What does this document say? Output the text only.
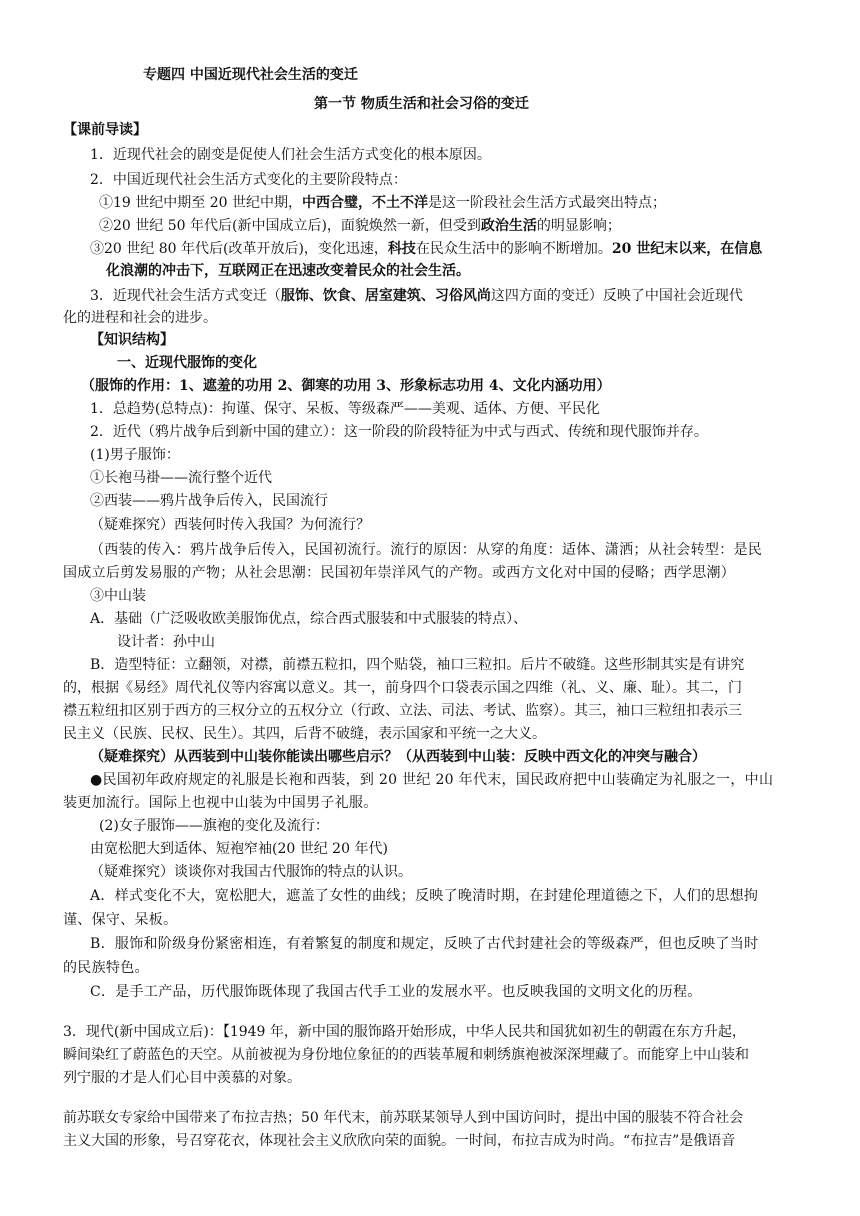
专题四 中国近现代社会生活的变迁
第一节 物质生活和社会习俗的变迁
【课前导读】
1．近现代社会的剧变是促使人们社会生活方式变化的根本原因。
2．中国近现代社会生活方式变化的主要阶段特点：
①19 世纪中期至 20 世纪中期，中西合璧，不土不洋是这一阶段社会生活方式最突出特点；
②20 世纪 50 年代后(新中国成立后)，面貌焕然一新，但受到政治生活的明显影响；
③20 世纪 80 年代后(改革开放后)，变化迅速，科技在民众生活中的影响不断增加。20 世纪末以来，在信息
化浪潮的冲击下，互联网正在迅速改变着民众的社会生活。
3．近现代社会生活方式变迁（服饰、饮食、居室建筑、习俗风尚这四方面的变迁）反映了中国社会近现代
化的进程和社会的进步。
【知识结构】
一、近现代服饰的变化
（服饰的作用：1、遮羞的功用 2、御寒的功用 3、形象标志功用 4、文化内涵功用）
1．总趋势(总特点)：拘谨、保守、呆板、等级森严——美观、适体、方便、平民化
2．近代（鸦片战争后到新中国的建立）：这一阶段的阶段特征为中式与西式、传统和现代服饰并存。
(1)男子服饰：
①长袍马褂——流行整个近代
②西装——鸦片战争后传入，民国流行
（疑难探究）西装何时传入我国？为何流行？
（西装的传入：鸦片战争后传入，民国初流行。流行的原因：从穿的角度：适体、潇洒；从社会转型：是民
国成立后剪发易服的产物；从社会思潮：民国初年崇洋风气的产物。或西方文化对中国的侵略；西学思潮）
③中山装
A．基础（广泛吸收欧美服饰优点，综合西式服装和中式服装的特点）、
设计者：孙中山
B．造型特征：立翻领，对襟，前襟五粒扣，四个贴袋，袖口三粒扣。后片不破缝。这些形制其实是有讲究
的，根据《易经》周代礼仪等内容寓以意义。其一，前身四个口袋表示国之四维（礼、义、廉、耻）。其二，门
襟五粒纽扣区别于西方的三权分立的五权分立（行政、立法、司法、考试、监察）。其三，袖口三粒纽扣表示三
民主义（民族、民权、民生）。其四，后背不破缝，表示国家和平统一之大义。
（疑难探究）从西装到中山装你能读出哪些启示？（从西装到中山装：反映中西文化的冲突与融合）
●民国初年政府规定的礼服是长袍和西装，到 20 世纪 20 年代末，国民政府把中山装确定为礼服之一，中山
装更加流行。国际上也视中山装为中国男子礼服。
(2)女子服饰——旗袍的变化及流行：
由宽松肥大到适体、短袍窄袖(20 世纪 20 年代)
（疑难探究）谈谈你对我国古代服饰的特点的认识。
A．样式变化不大，宽松肥大，遮盖了女性的曲线；反映了晚清时期，在封建伦理道德之下，人们的思想拘
谨、保守、呆板。
B．服饰和阶级身份紧密相连，有着繁复的制度和规定，反映了古代封建社会的等级森严，但也反映了当时
的民族特色。
C．是手工产品，历代服饰既体现了我国古代手工业的发展水平。也反映我国的文明文化的历程。
3．现代(新中国成立后)：【1949 年，新中国的服饰路开始形成，中华人民共和国犹如初生的朝霞在东方升起，
瞬间染红了蔚蓝色的天空。从前被视为身份地位象征的的西装革履和刺绣旗袍被深深埋藏了。而能穿上中山装和
列宁服的才是人们心目中羡慕的对象。
前苏联女专家给中国带来了布拉吉热；50 年代末，前苏联某领导人到中国访问时，提出中国的服装不符合社会
主义大国的形象，号召穿花衣，体现社会主义欣欣向荣的面貌。一时间，布拉吉成为时尚。“布拉吉”是俄语音
